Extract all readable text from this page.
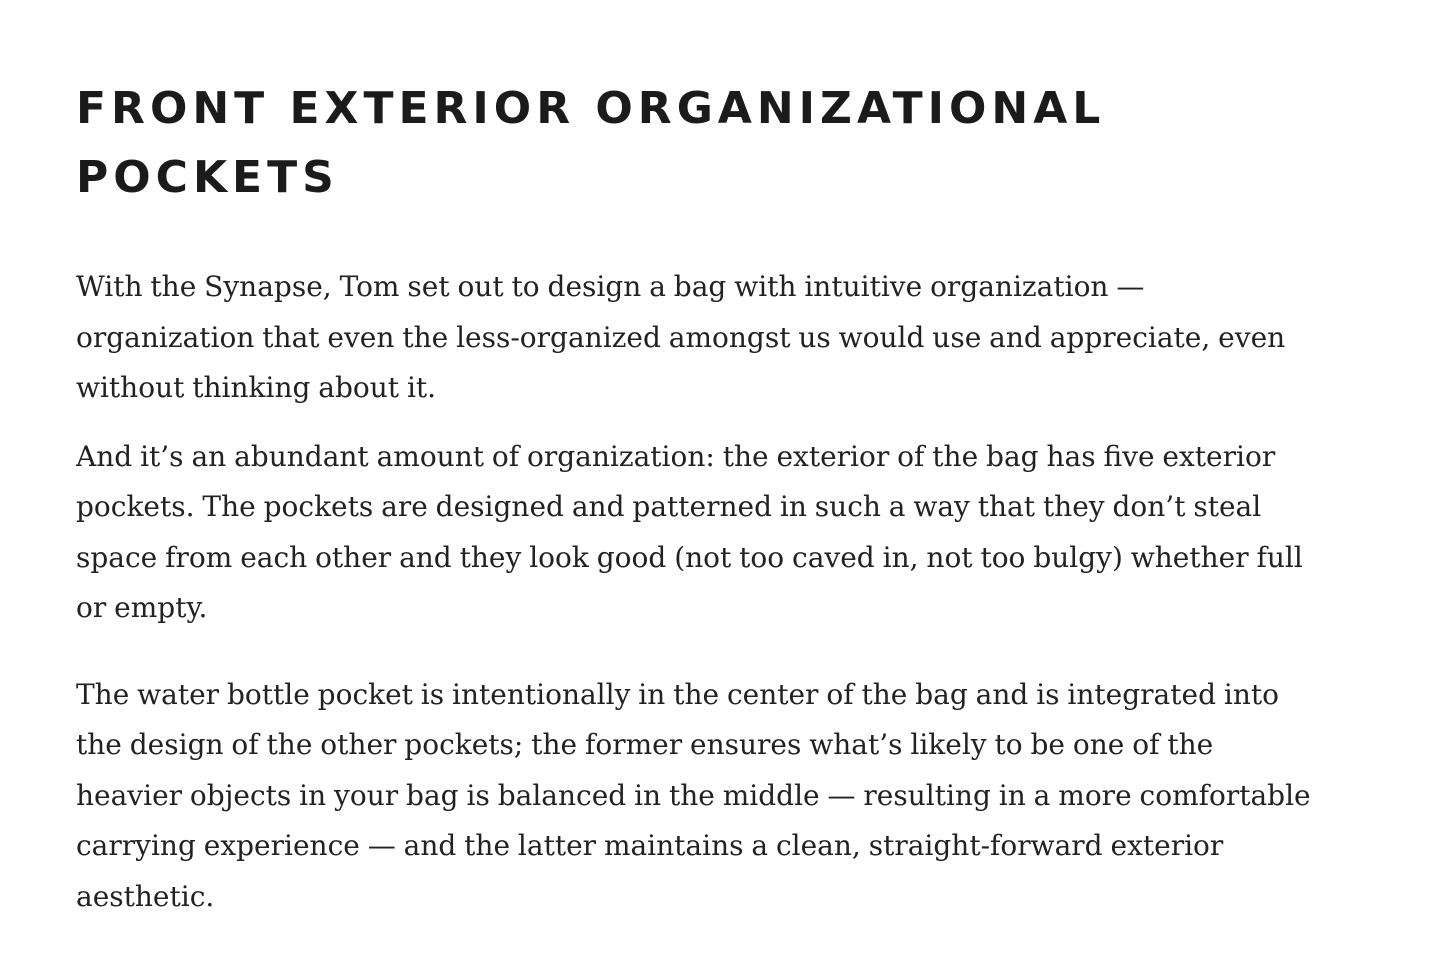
FRONT EXTERIOR ORGANIZATIONAL POCKETS

With the Synapse, Tom set out to design a bag with intuitive organization — organization that even the less-organized amongst us would use and appreciate, even without thinking about it.

And it’s an abundant amount of organization: the exterior of the bag has five exterior pockets. The pockets are designed and patterned in such a way that they don’t steal space from each other and they look good (not too caved in, not too bulgy) whether full or empty.

The water bottle pocket is intentionally in the center of the bag and is integrated into the design of the other pockets; the former ensures what’s likely to be one of the heavier objects in your bag is balanced in the middle — resulting in a more comfortable carrying experience — and the latter maintains a clean, straight-forward exterior aesthetic.
